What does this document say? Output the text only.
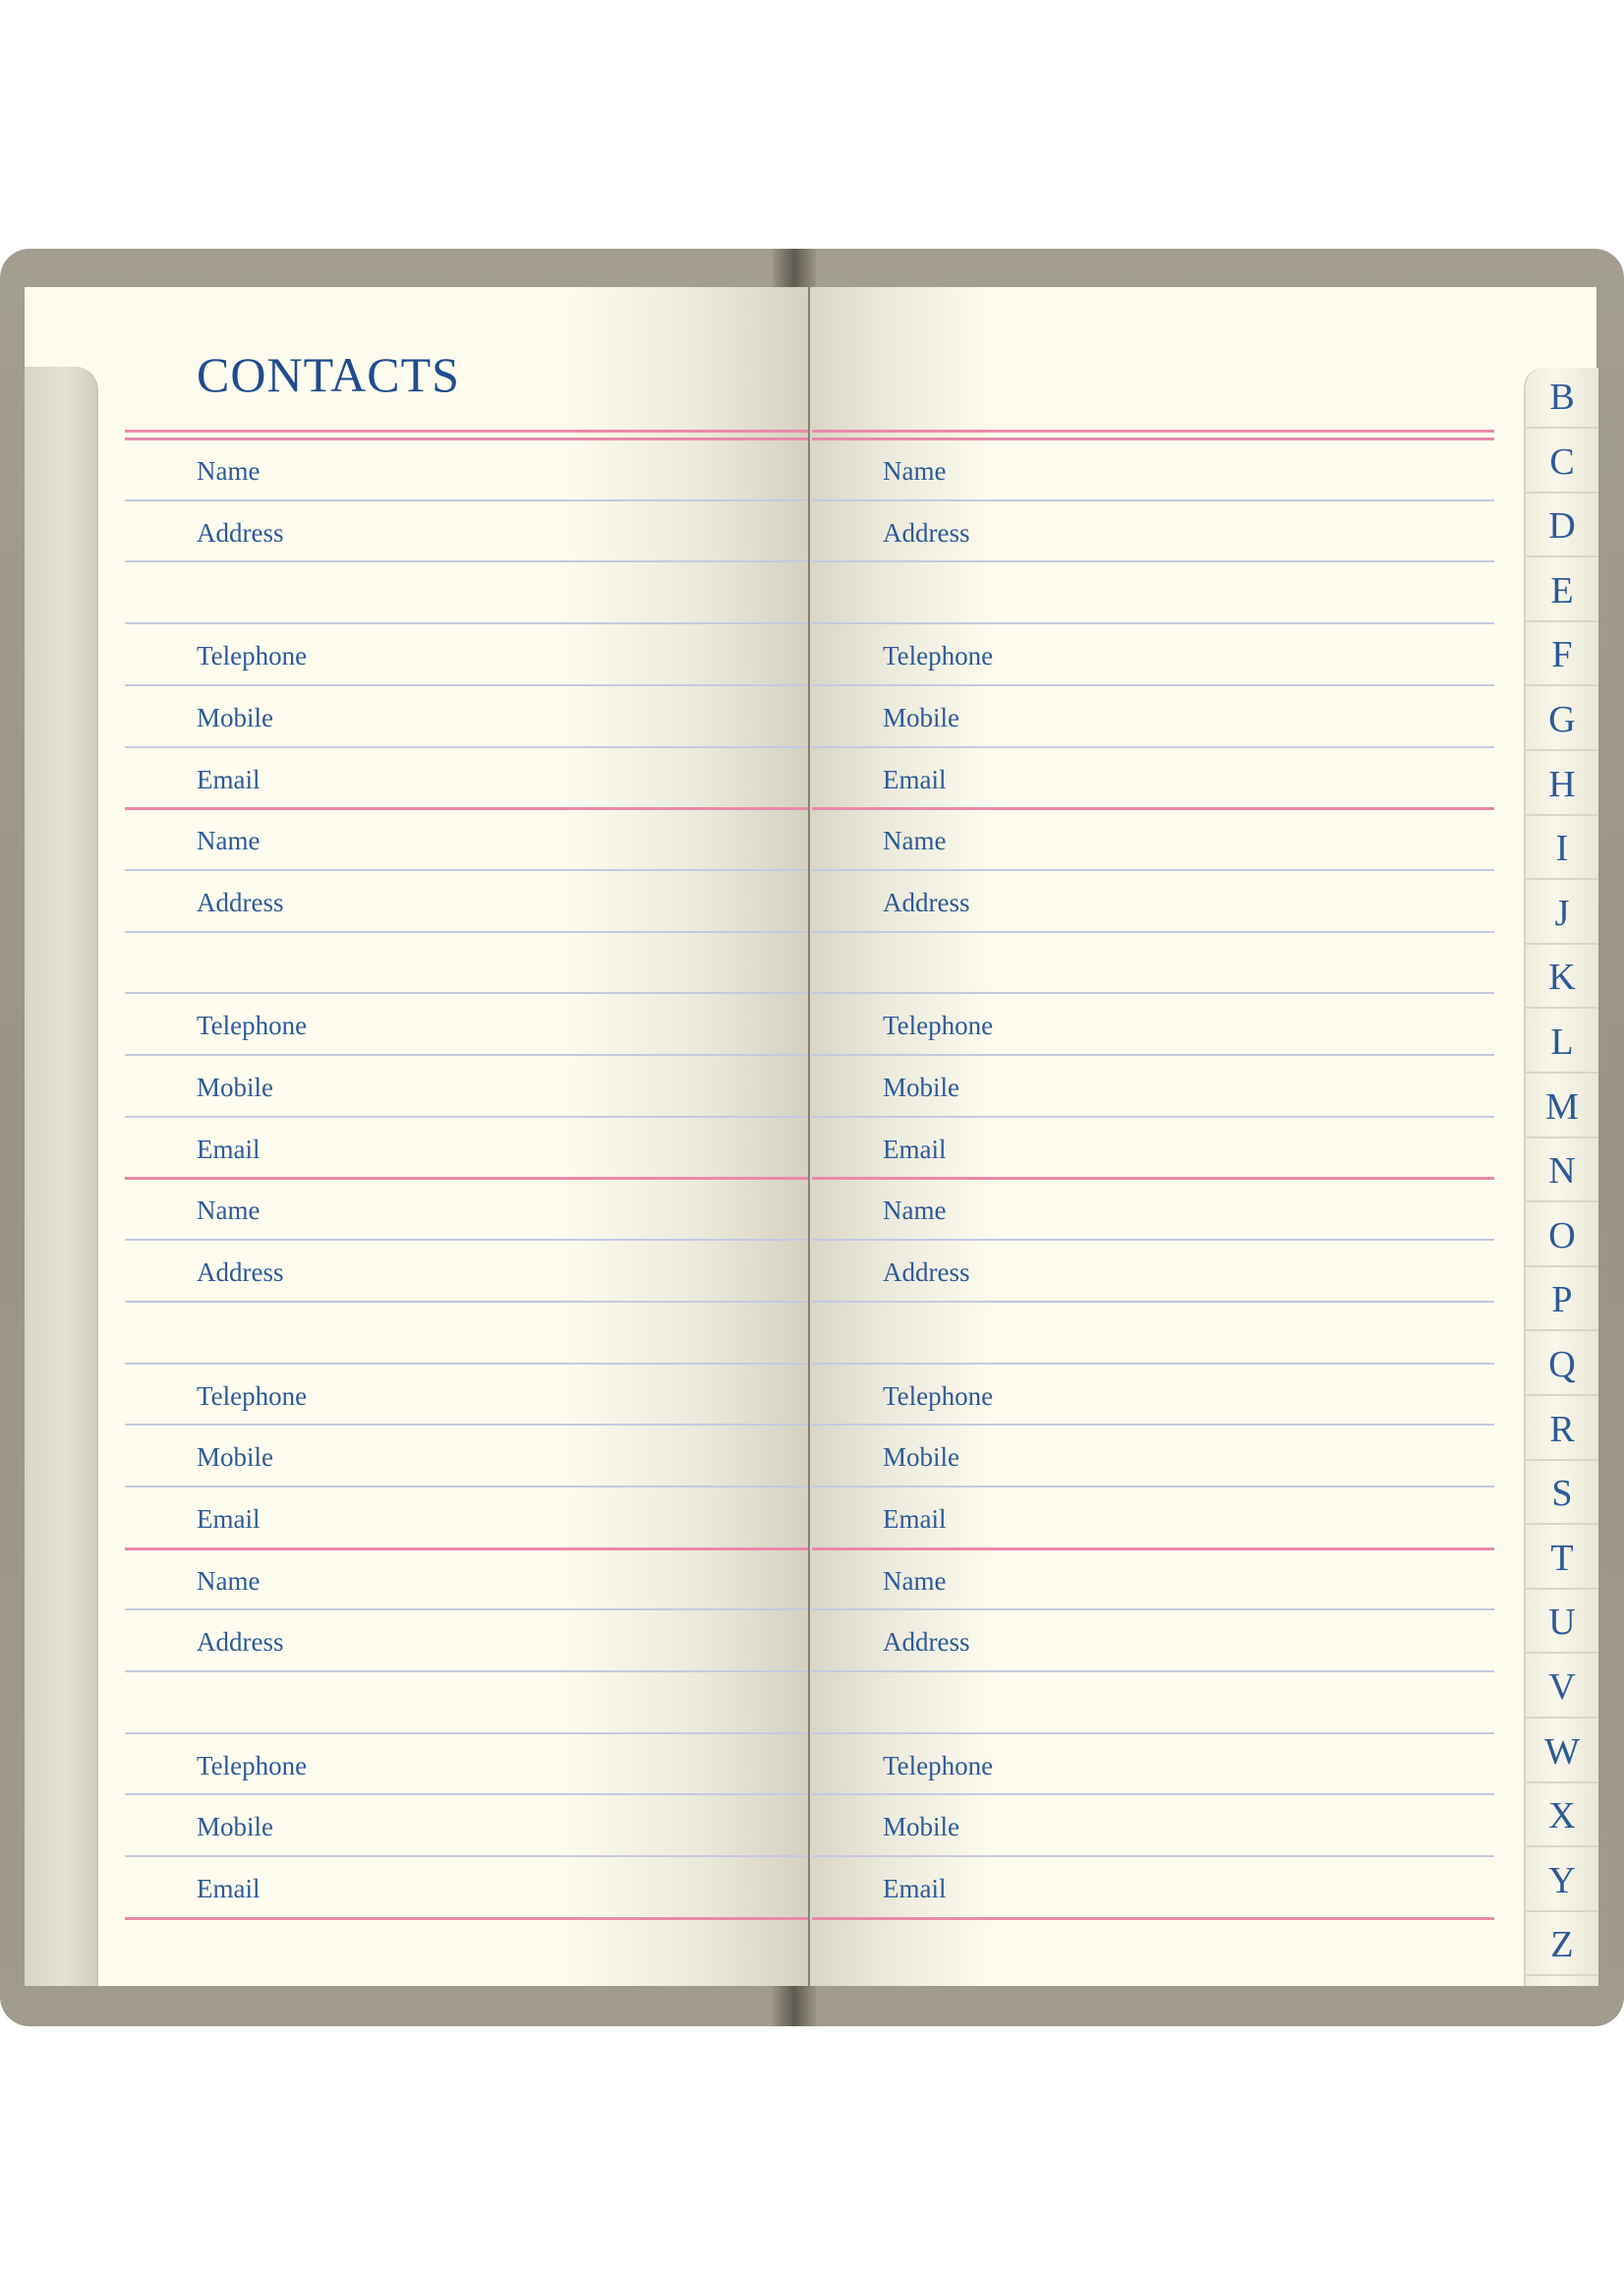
CONTACTS
Name
Address
Telephone
Mobile
Email
Name
Address
Telephone
Mobile
Email
Name
Address
Telephone
Mobile
Email
Name
Address
Telephone
Mobile
Email
Name
Address
Telephone
Mobile
Email
Name
Address
Telephone
Mobile
Email
Name
Address
Telephone
Mobile
Email
Name
Address
Telephone
Mobile
Email
B
C
D
E
F
G
H
I
J
K
L
M
N
O
P
Q
R
S
T
U
V
W
X
Y
Z
